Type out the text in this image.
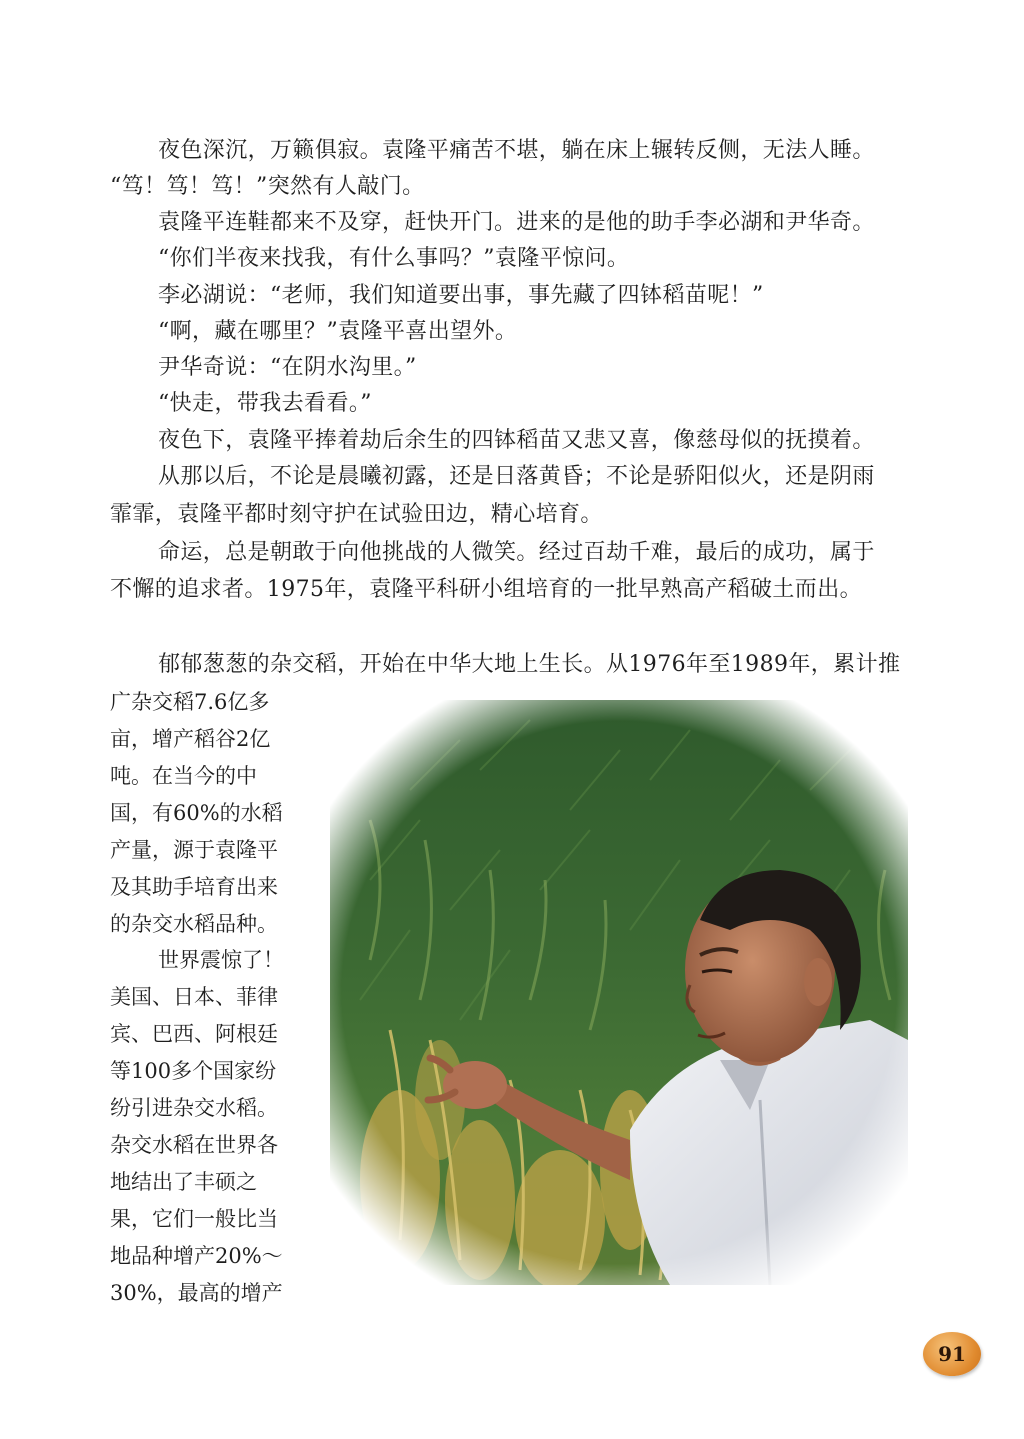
夜色深沉，万籁俱寂。袁隆平痛苦不堪，躺在床上辗转反侧，无法人睡。
“笃！笃！笃！”突然有人敲门。
袁隆平连鞋都来不及穿，赶快开门。进来的是他的助手李必湖和尹华奇。
“你们半夜来找我，有什么事吗？”袁隆平惊问。
李必湖说：“老师，我们知道要出事，事先藏了四钵稻苗呢！”
“啊，藏在哪里？”袁隆平喜出望外。
尹华奇说：“在阴水沟里。”
“快走，带我去看看。”
夜色下，袁隆平捧着劫后余生的四钵稻苗又悲又喜，像慈母似的抚摸着。
从那以后，不论是晨曦初露，还是日落黄昏；不论是骄阳似火，还是阴雨
霏霏，袁隆平都时刻守护在试验田边，精心培育。
命运，总是朝敢于向他挑战的人微笑。经过百劫千难，最后的成功，属于
不懈的追求者。1975年，袁隆平科研小组培育的一批早熟高产稻破土而出。
郁郁葱葱的杂交稻，开始在中华大地上生长。从1976年至1989年，累计推
广杂交稻7.6亿多
亩，增产稻谷2亿
吨。在当今的中
国，有60%的水稻
产量，源于袁隆平
及其助手培育出来
的杂交水稻品种。
世界震惊了！
美国、日本、菲律
宾、巴西、阿根廷
等100多个国家纷
纷引进杂交水稻。
杂交水稻在世界各
地结出了丰硕之
果，它们一般比当
地品种增产20%～
30%，最高的增产
91
